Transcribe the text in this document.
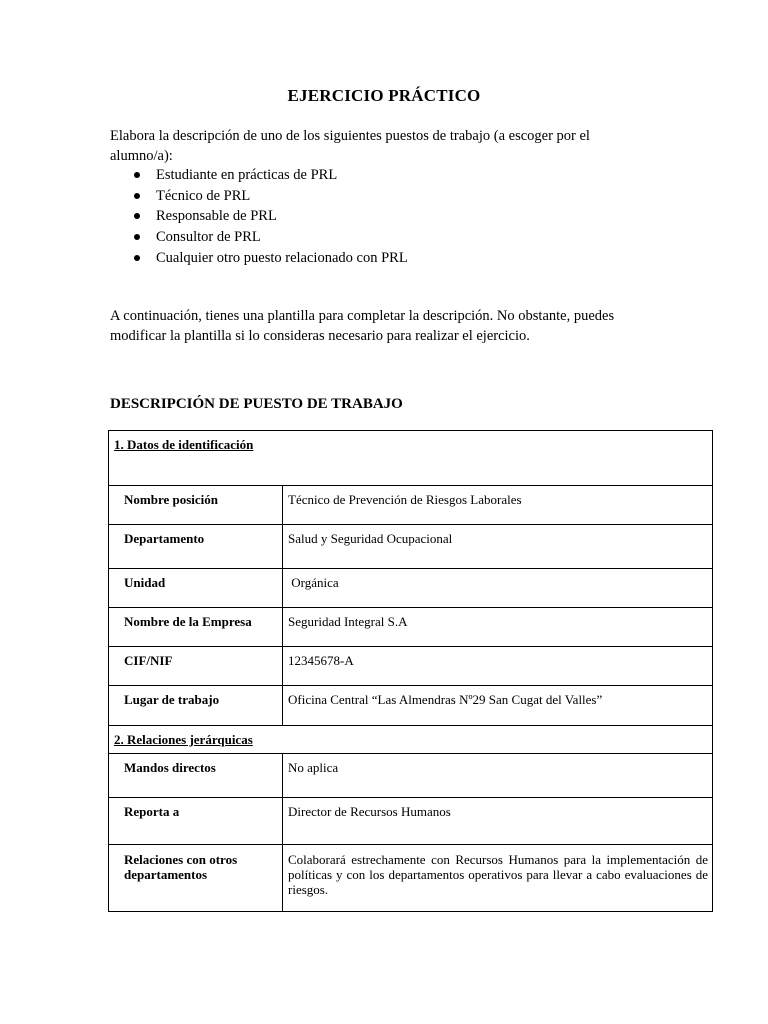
EJERCICIO PRÁCTICO
Elabora la descripción de uno de los siguientes puestos de trabajo (a escoger por el alumno/a):
Estudiante en prácticas de PRL
Técnico de PRL
Responsable de PRL
Consultor de PRL
Cualquier otro puesto relacionado con PRL
A continuación, tienes una plantilla para completar la descripción. No obstante, puedes modificar la plantilla si lo consideras necesario para realizar el ejercicio.
DESCRIPCIÓN DE PUESTO DE TRABAJO
1. Datos de identificación	
Nombre posición	Técnico de Prevención de Riesgos Laborales
Departamento	Salud y Seguridad Ocupacional
Unidad	Orgánica
Nombre de la Empresa	Seguridad Integral S.A
CIF/NIF	12345678-A
Lugar de trabajo	Oficina Central “Las Almendras Nº29 San Cugat del Valles”
2. Relaciones jerárquicas	
Mandos directos	No aplica
Reporta a	Director de Recursos Humanos
Relaciones con otros departamentos	Colaborará estrechamente con Recursos Humanos para la implementación de políticas y con los departamentos operativos para llevar a cabo evaluaciones de riesgos.
